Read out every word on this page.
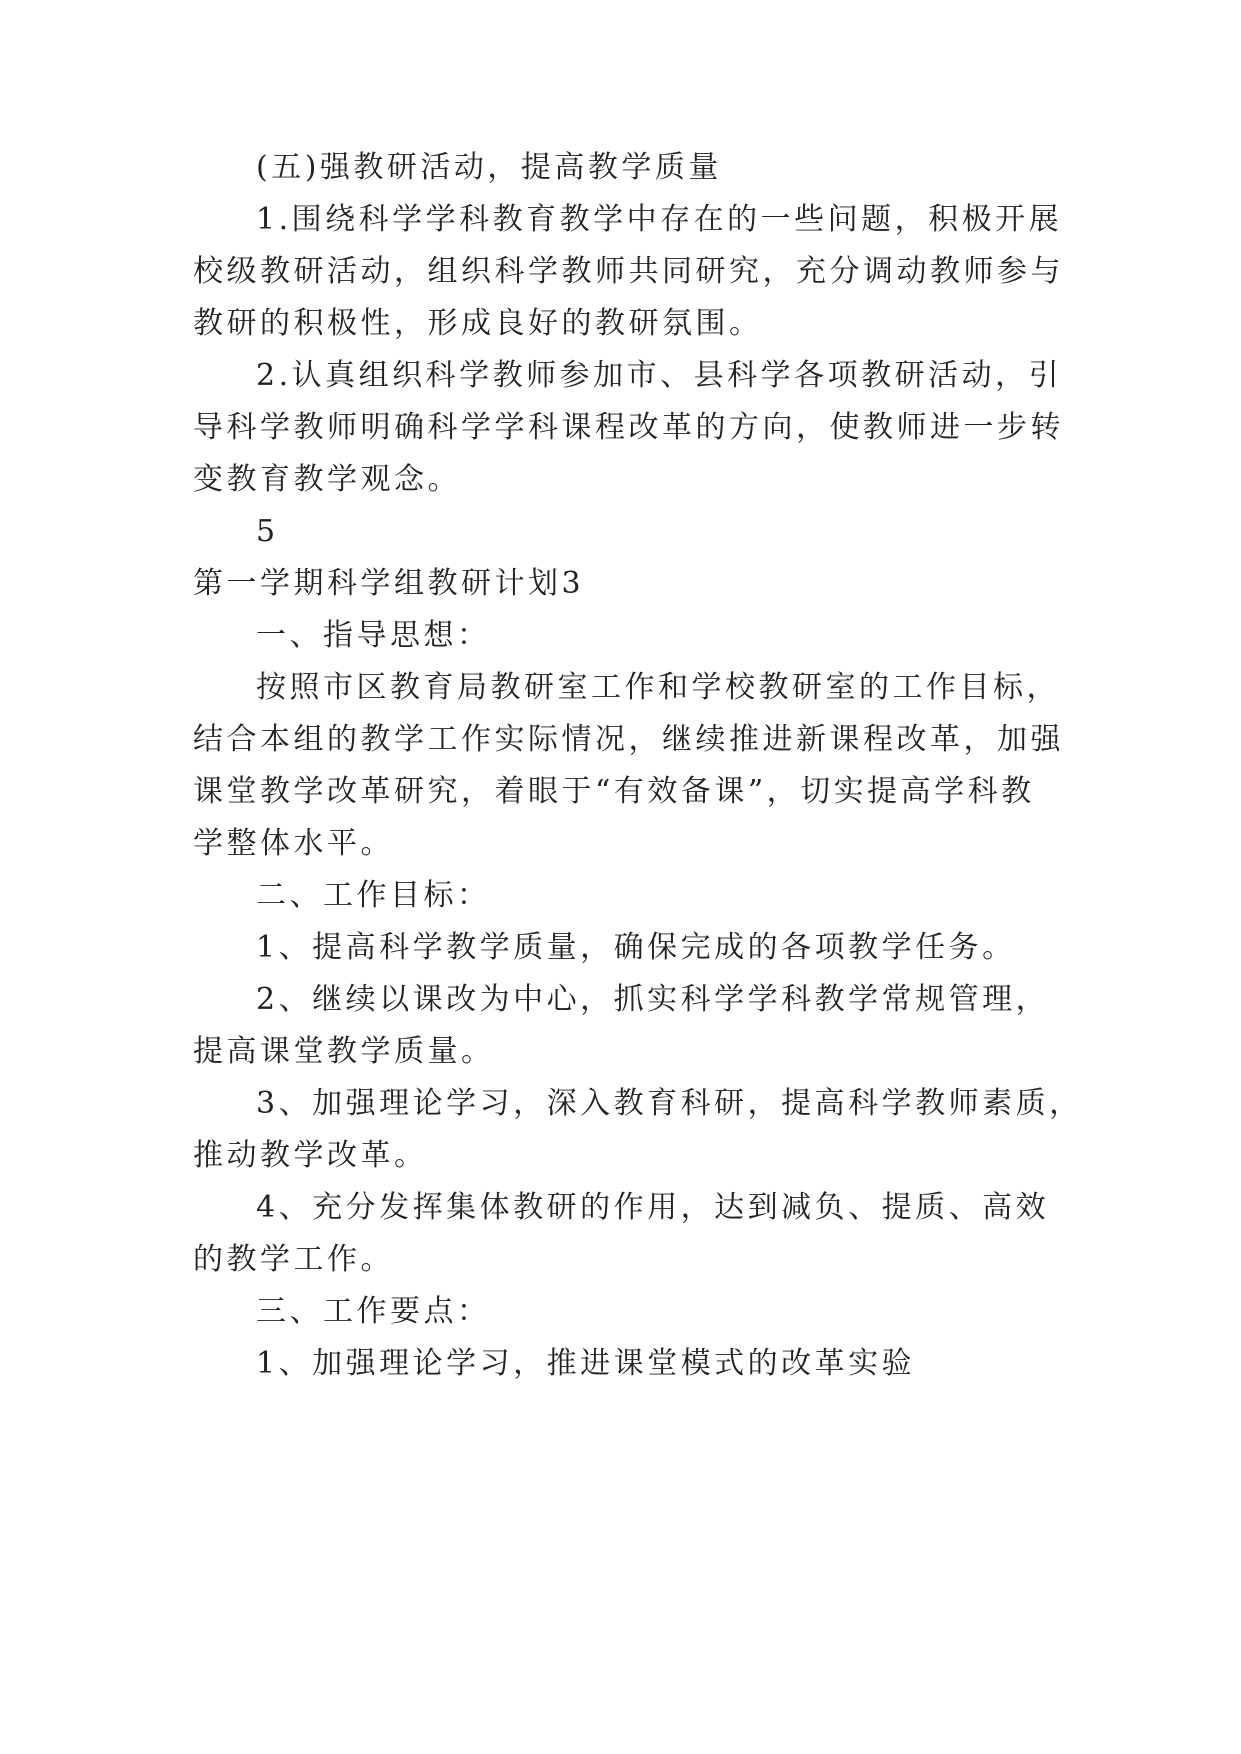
(五)强教研活动，提高教学质量
1.围绕科学学科教育教学中存在的一些问题，积极开展
校级教研活动，组织科学教师共同研究，充分调动教师参与
教研的积极性，形成良好的教研氛围。
2.认真组织科学教师参加市、县科学各项教研活动，引
导科学教师明确科学学科课程改革的方向，使教师进一步转
变教育教学观念。
5
第一学期科学组教研计划3
一、指导思想：
按照市区教育局教研室工作和学校教研室的工作目标，
结合本组的教学工作实际情况，继续推进新课程改革，加强
课堂教学改革研究，着眼于“有效备课”，切实提高学科教
学整体水平。
二、工作目标：
1、提高科学教学质量，确保完成的各项教学任务。
2、继续以课改为中心，抓实科学学科教学常规管理，
提高课堂教学质量。
3、加强理论学习，深入教育科研，提高科学教师素质，
推动教学改革。
4、充分发挥集体教研的作用，达到减负、提质、高效
的教学工作。
三、工作要点：
1、加强理论学习，推进课堂模式的改革实验
